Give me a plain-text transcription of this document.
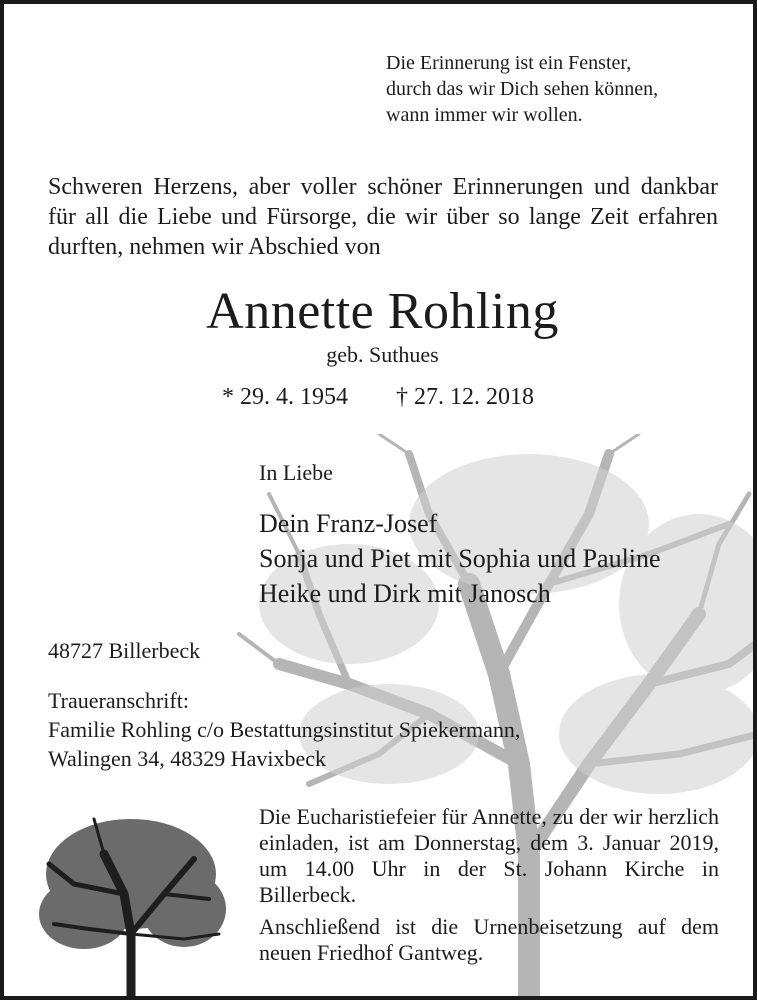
Die Erinnerung ist ein Fenster,
durch das wir Dich sehen können,
wann immer wir wollen.
Schweren Herzens, aber voller schöner Erinnerungen und dankbar für all die Liebe und Fürsorge, die wir über so lange Zeit erfahren durften, nehmen wir Abschied von
Annette Rohling
geb. Suthues
* 29. 4. 1954 † 27. 12. 2018
In Liebe
Dein Franz-Josef
Sonja und Piet mit Sophia und Pauline
Heike und Dirk mit Janosch
48727 Billerbeck
Traueranschrift:
Familie Rohling c/o Bestattungsinstitut Spiekermann,
Walingen 34, 48329 Havixbeck

Die Eucharistiefeier für Annette, zu der wir herzlich einladen, ist am Donnerstag, dem 3. Januar 2019, um 14.00 Uhr in der St. Johann Kirche in Billerbeck.

Anschließend ist die Urnenbeisetzung auf dem neuen Friedhof Gantweg.
